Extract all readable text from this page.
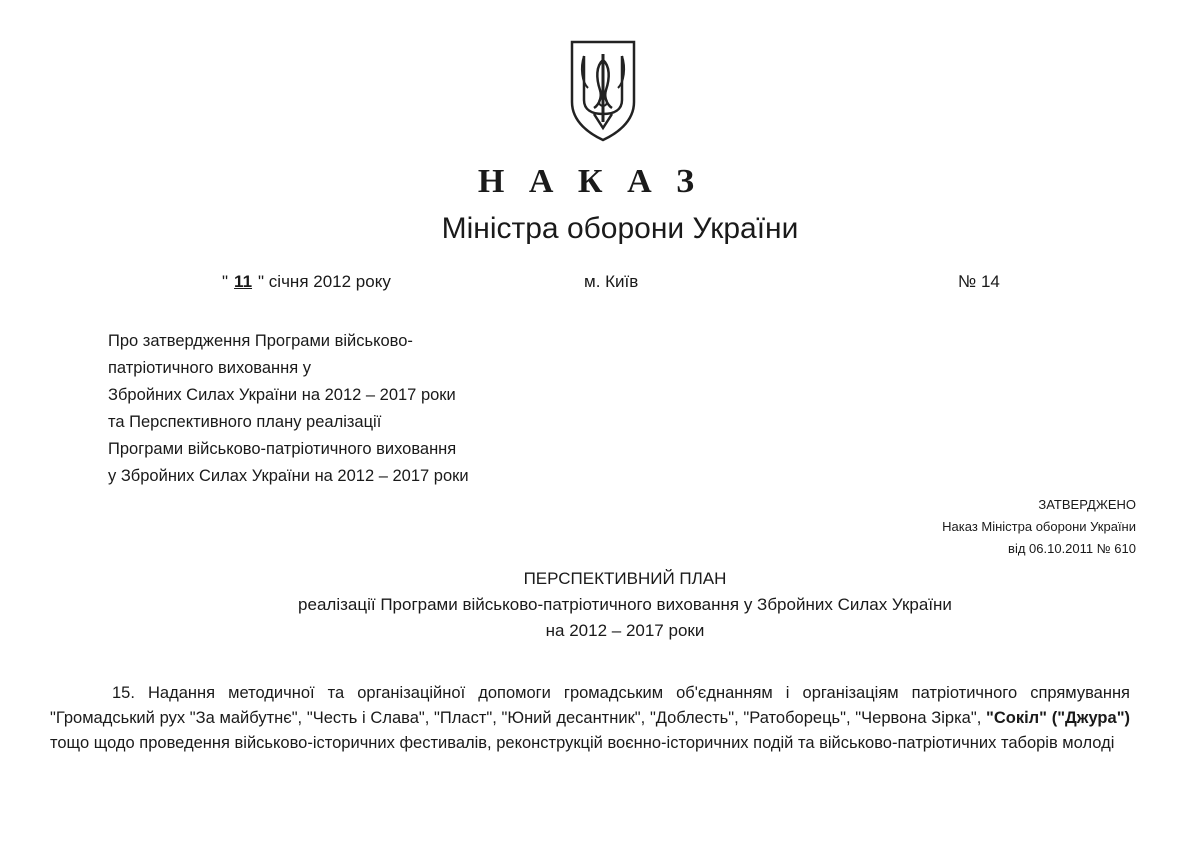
Н А К А З
Міністра оборони України
" 11 " січня 2012 року	м. Київ	№ 14
Про затвердження Програми військово-
патріотичного виховання у
Збройних Силах України на 2012 – 2017 роки
та Перспективного плану реалізації
Програми військово-патріотичного виховання
у Збройних Силах України на 2012 – 2017 роки
ЗАТВЕРДЖЕНО
Наказ Міністра оборони України
від 06.10.2011 № 610
ПЕРСПЕКТИВНИЙ ПЛАН
реалізації Програми військово-патріотичного виховання у Збройних Силах України
на 2012 – 2017 роки
15. Надання методичної та організаційної допомоги громадським об'єднанням і організаціям патріотичного спрямування "Громадський рух "За майбутнє", "Честь і Слава", "Пласт", "Юний десантник", "Доблесть", "Ратоборець", "Червона Зірка", "Сокіл" ("Джура") тощо щодо проведення військово-історичних фестивалів, реконструкцій воєнно-історичних подій та військово-патріотичних таборів молоді
